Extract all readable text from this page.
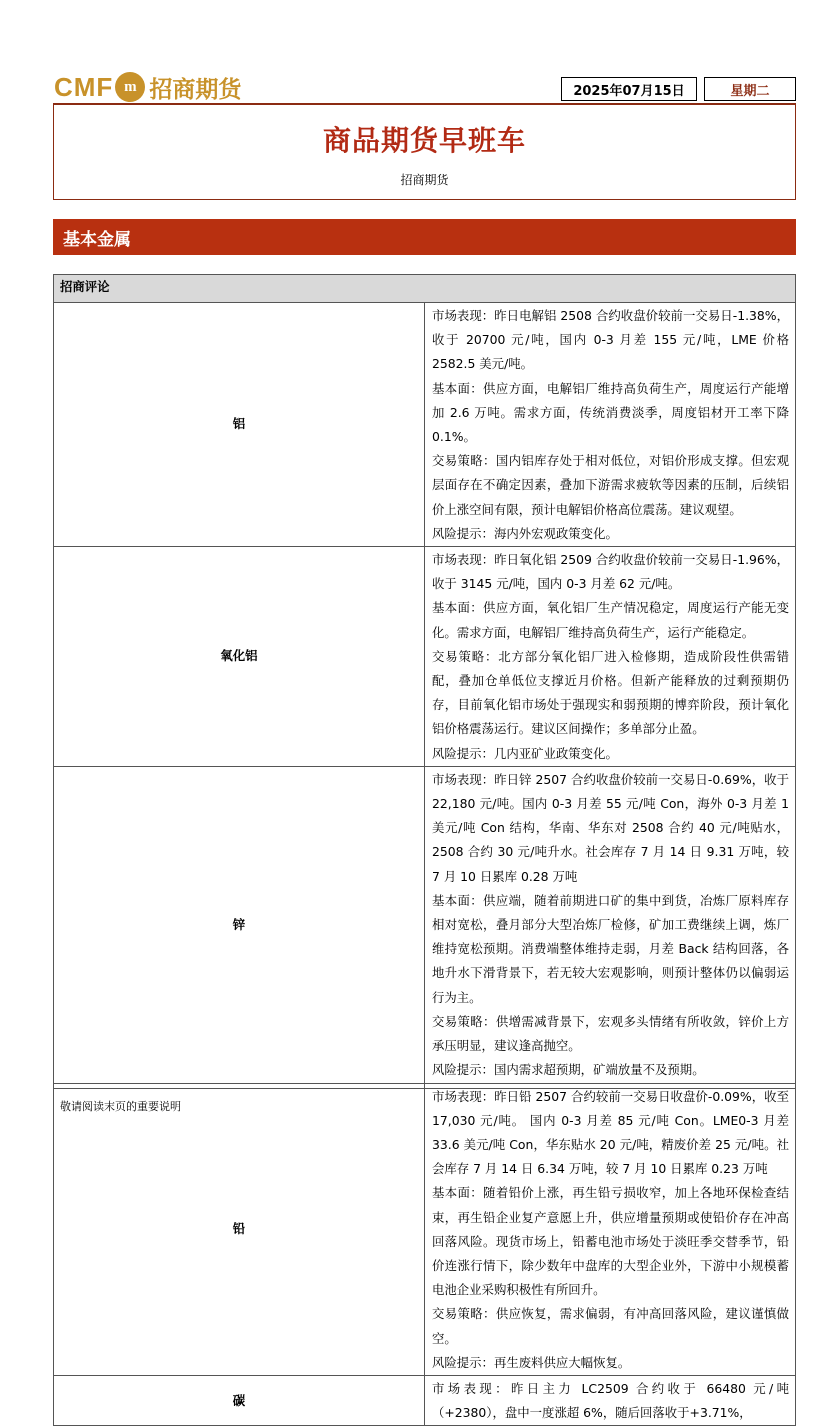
CMF m 招商期货	2025年07月15日	星期二
商品期货早班车
招商期货
基本金属
招商评论	
铝	市场表现：昨日电解铝 2508 合约收盘价较前一交易日-1.38%，收于 20700 元/吨，国内 0-3 月差 155 元/吨，LME 价格 2582.5 美元/吨。

基本面：供应方面，电解铝厂维持高负荷生产，周度运行产能增加 2.6 万吨。需求方面，传统消费淡季，周度铝材开工率下降 0.1%。

交易策略：国内铝库存处于相对低位，对铝价形成支撑。但宏观层面存在不确定因素，叠加下游需求疲软等因素的压制，后续铝价上涨空间有限，预计电解铝价格高位震荡。建议观望。

风险提示：海内外宏观政策变化。

氧化铝	市场表现：昨日氧化铝 2509 合约收盘价较前一交易日-1.96%，收于 3145 元/吨，国内 0-3 月差 62 元/吨。

基本面：供应方面，氧化铝厂生产情况稳定，周度运行产能无变化。需求方面，电解铝厂维持高负荷生产，运行产能稳定。

交易策略：北方部分氧化铝厂进入检修期，造成阶段性供需错配，叠加仓单低位支撑近月价格。但新产能释放的过剩预期仍存，目前氧化铝市场处于强现实和弱预期的博弈阶段，预计氧化铝价格震荡运行。建议区间操作；多单部分止盈。

风险提示：几内亚矿业政策变化。

锌	市场表现：昨日锌 2507 合约收盘价较前一交易日-0.69%，收于 22,180 元/吨。国内 0-3 月差 55 元/吨 Con，海外 0-3 月差 1 美元/吨 Con 结构，华南、华东对 2508 合约 40 元/吨贴水，2508 合约 30 元/吨升水。社会库存 7 月 14 日 9.31 万吨，较 7 月 10 日累库 0.28 万吨

基本面：供应端，随着前期进口矿的集中到货，冶炼厂原料库存相对宽松，叠月部分大型冶炼厂检修，矿加工费继续上调，炼厂维持宽松预期。消费端整体维持走弱，月差 Back 结构回落，各地升水下滑背景下，若无较大宏观影响，则预计整体仍以偏弱运行为主。

交易策略：供增需减背景下，宏观多头情绪有所收敛，锌价上方承压明显，建议逢高抛空。

风险提示：国内需求超预期，矿端放量不及预期。

铅	市场表现：昨日铅 2507 合约较前一交易日收盘价-0.09%，收至 17,030 元/吨。 国内 0-3 月差 85 元/吨 Con。LME0-3 月差 33.6 美元/吨 Con，华东贴水 20 元/吨，精废价差 25 元/吨。社会库存 7 月 14 日 6.34 万吨，较 7 月 10 日累库 0.23 万吨

基本面：随着铅价上涨，再生铅亏损收窄，加上各地环保检查结束，再生铅企业复产意愿上升，供应增量预期或使铅价存在冲高回落风险。现货市场上，铅蓄电池市场处于淡旺季交替季节，铅价连涨行情下，除少数年中盘库的大型企业外，下游中小规模蓄电池企业采购积极性有所回升。

交易策略：供应恢复，需求偏弱，有冲高回落风险，建议谨慎做空。

风险提示：再生废料供应大幅恢复。

碳	市场表现：昨日主力 LC2509 合约收于 66480 元/吨（+2380），盘中一度涨超 6%，随后回落收于+3.71%，

敬请阅读末页的重要说明
